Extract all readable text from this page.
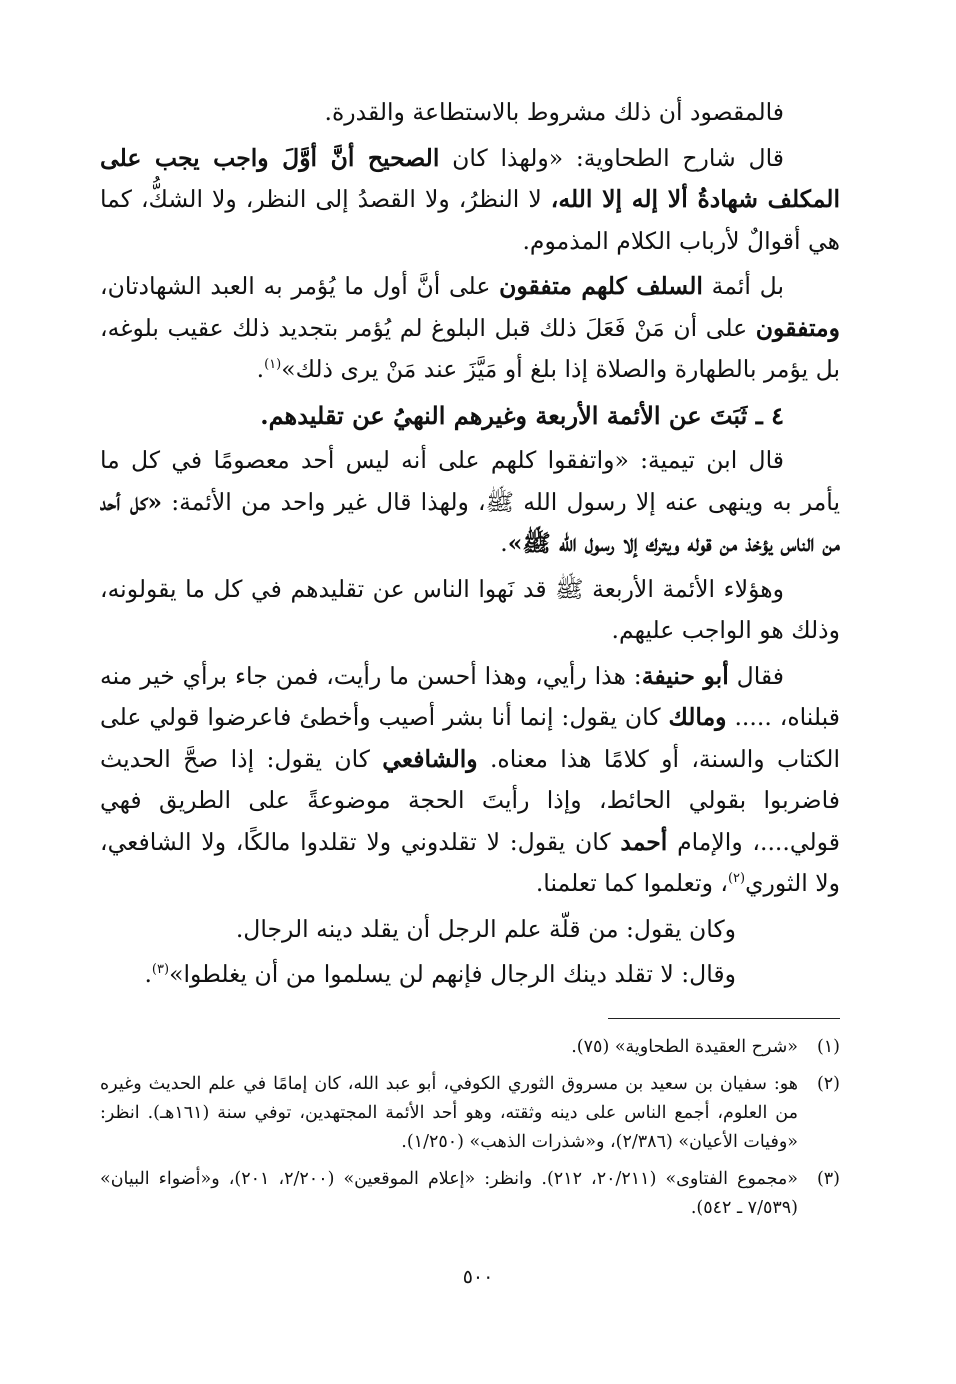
فالمقصود أن ذلك مشروط بالاستطاعة والقدرة.

قال شارح الطحاوية: «ولهذا كان الصحيح أنَّ أوَّلَ واجب يجب على المكلف شهادةُ ألا إله إلا الله، لا النظرُ، ولا القصدُ إلى النظر، ولا الشكُّ، كما هي أقوالٌ لأرباب الكلام المذموم.

بل أئمة السلف كلهم متفقون على أنَّ أول ما يُؤمر به العبد الشهادتان، ومتفقون على أن مَنْ فَعَلَ ذلك قبل البلوغ لم يُؤمر بتجديد ذلك عقيب بلوغه، بل يؤمر بالطهارة والصلاة إذا بلغ أو مَيَّزَ عند مَنْ يرى ذلك»$^{(١)}$.

٤ ـ ثَبَتَ عن الأئمة الأربعة وغيرهم النهيُ عن تقليدهم.

قال ابن تيمية: «واتفقوا كلهم على أنه ليس أحد معصومًا في كل ما يأمر به وينهى عنه إلا رسول الله ﷺ، ولهذا قال غير واحد من الأئمة: «كل أحد من الناس يؤخذ من قوله ويترك إلا رسول الله ﷺ».

وهؤلاء الأئمة الأربعة ﷺ قد نَهوا الناس عن تقليدهم في كل ما يقولونه، وذلك هو الواجب عليهم.

فقال أبو حنيفة: هذا رأيي، وهذا أحسن ما رأيت، فمن جاء برأي خير منه قبلناه، ..... ومالك كان يقول: إنما أنا بشر أصيب وأخطئ فاعرضوا قولي على الكتاب والسنة، أو كلامًا هذا معناه. والشافعي كان يقول: إذا صحَّ الحديث فاضربوا بقولي الحائط، وإذا رأيتَ الحجة موضوعةً على الطريق فهي قولي....، والإمام أحمد كان يقول: لا تقلدوني ولا تقلدوا مالكًا، ولا الشافعي، ولا الثوري$^{(٢)}$، وتعلموا كما تعلمنا.

وكان يقول: من قلّة علم الرجل أن يقلد دينه الرجال.

وقال: لا تقلد دينك الرجال فإنهم لن يسلموا من أن يغلطوا»$^{(٣)}$.

(١)
«شرح العقيدة الطحاوية» (٧٥).
(٢)
هو: سفيان بن سعيد بن مسروق الثوري الكوفي، أبو عبد الله، كان إمامًا في علم الحديث وغيره من العلوم، أجمع الناس على دينه وثقته، وهو أحد الأئمة المجتهدين، توفي سنة (١٦١هـ). انظر: «وفيات الأعيان» (٢/٣٨٦)، و«شذرات الذهب» (١/٢٥٠).
(٣)
«مجموع الفتاوى» (٢٠/٢١١، ٢١٢). وانظر: «إعلام الموقعين» (٢/٢٠٠، ٢٠١)، و«أضواء البيان» (٧/٥٣٩ ـ ٥٤٢).
٥٠٠
